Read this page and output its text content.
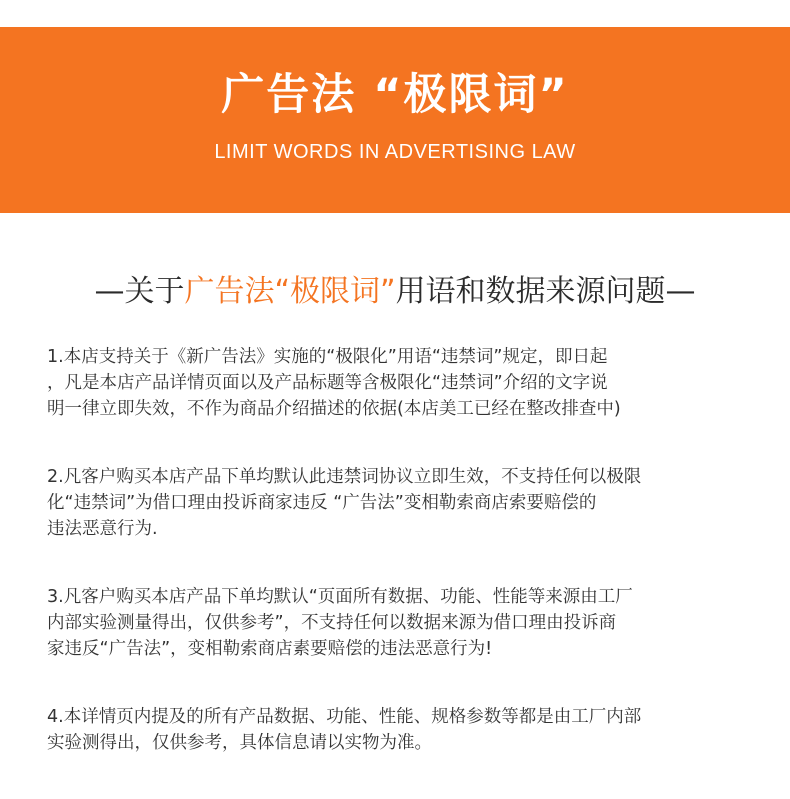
广告法 “极限词”
LIMIT WORDS IN ADVERTISING LAW
—关于广告法“极限词”用语和数据来源问题—
1.本店支持关于《新广告法》实施的“极限化”用语“违禁词”规定，即日起
，凡是本店产品详情页面以及产品标题等含极限化“违禁词”介绍的文字说
明一律立即失效，不作为商品介绍描述的依据(本店美工已经在整改排查中)
2.凡客户购买本店产品下单均默认此违禁词协议立即生效，不支持任何以极限
化“违禁词”为借口理由投诉商家违反 “广告法”变相勒索商店索要赔偿的
违法恶意行为.
3.凡客户购买本店产品下单均默认“页面所有数据、功能、性能等来源由工厂
内部实验测量得出，仅供参考”，不支持任何以数据来源为借口理由投诉商
家违反“广告法”，变相勒索商店素要赔偿的违法恶意行为!
4.本详情页内提及的所有产品数据、功能、性能、规格参数等都是由工厂内部
实验测得出，仅供参考，具体信息请以实物为准。
